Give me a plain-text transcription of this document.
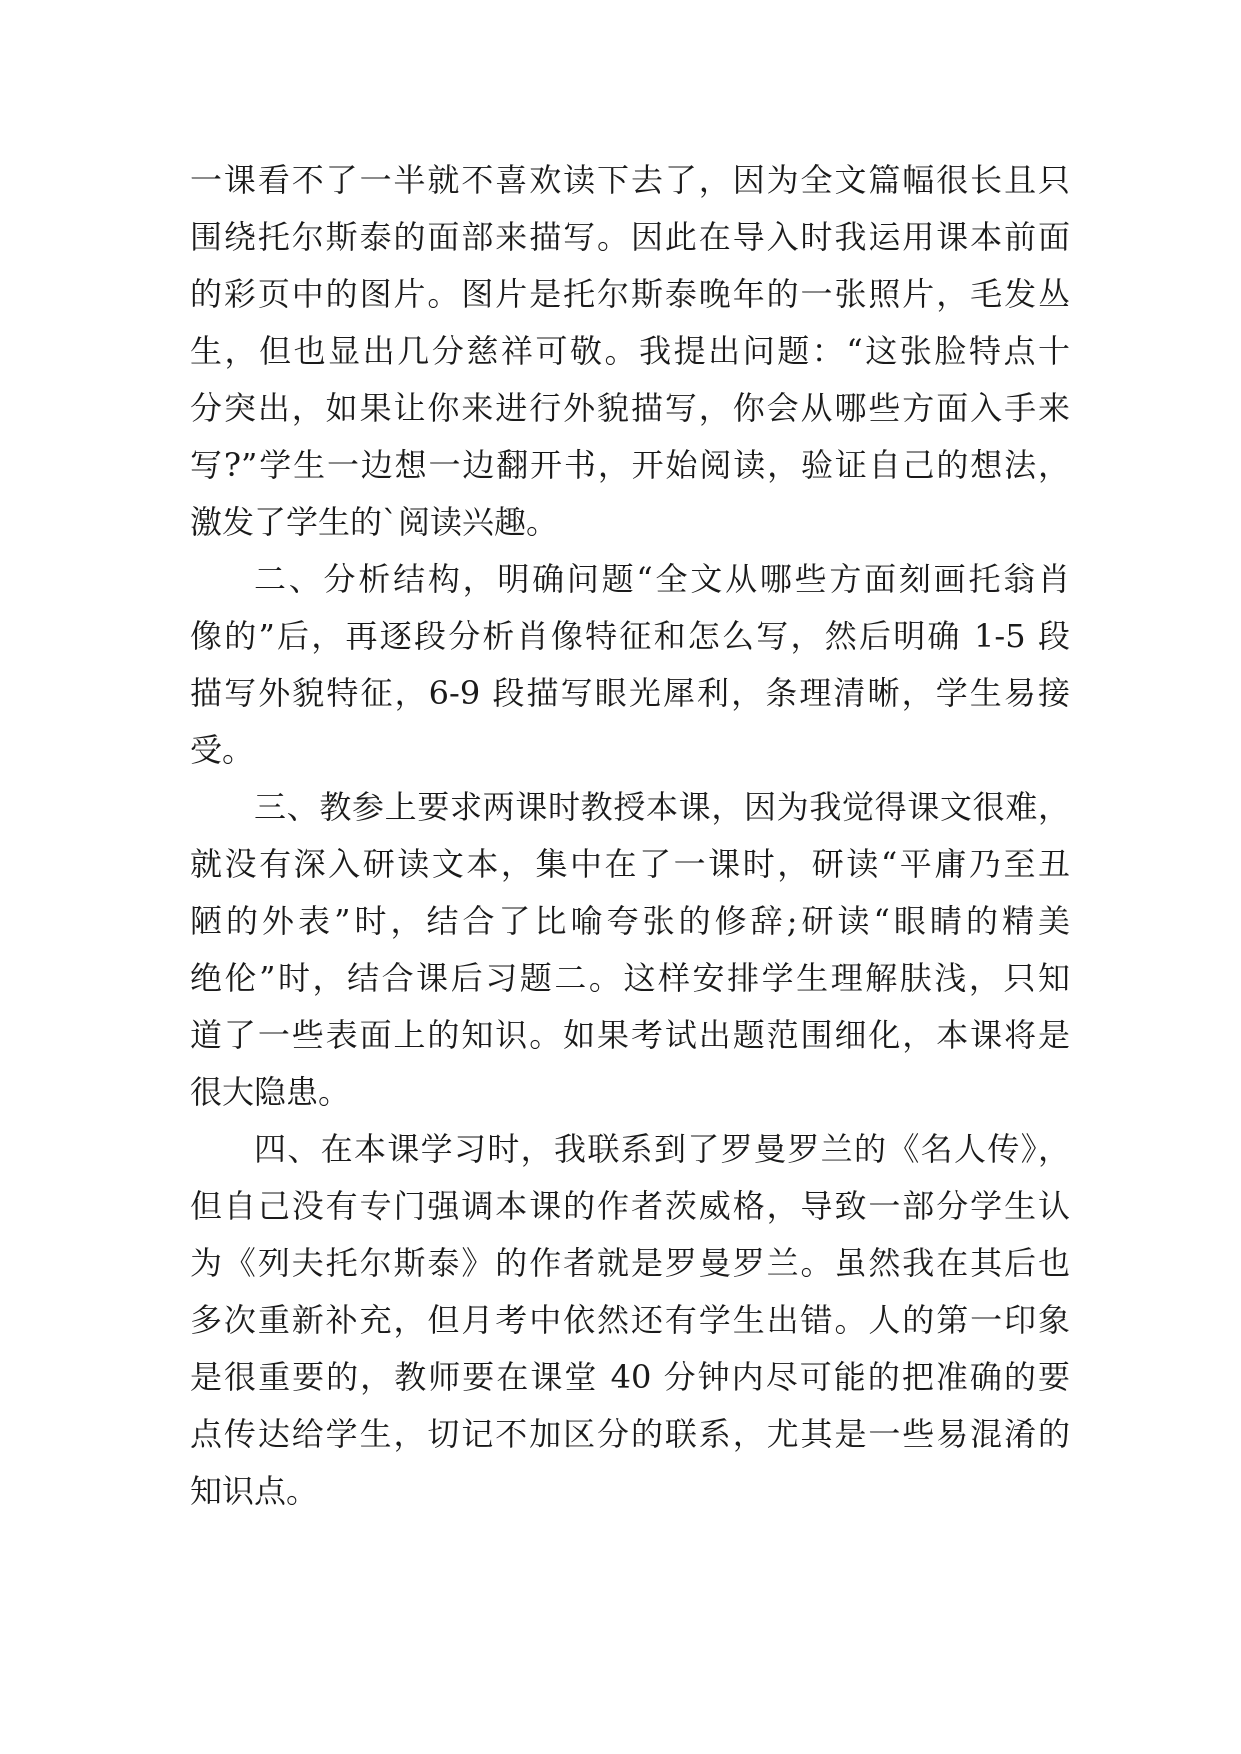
一课看不了一半就不喜欢读下去了，因为全文篇幅很长且只

围绕托尔斯泰的面部来描写。因此在导入时我运用课本前面

的彩页中的图片。图片是托尔斯泰晚年的一张照片，毛发丛

生，但也显出几分慈祥可敬。我提出问题：“这张脸特点十

分突出，如果让你来进行外貌描写，你会从哪些方面入手来

写?”学生一边想一边翻开书，开始阅读，验证自己的想法，

激发了学生的`阅读兴趣。

二、分析结构，明确问题“全文从哪些方面刻画托翁肖

像的”后，再逐段分析肖像特征和怎么写，然后明确 1-5 段

描写外貌特征，6-9 段描写眼光犀利，条理清晰，学生易接

受。

三、教参上要求两课时教授本课，因为我觉得课文很难，

就没有深入研读文本，集中在了一课时，研读“平庸乃至丑

陋的外表”时，结合了比喻夸张的修辞;研读“眼睛的精美

绝伦”时，结合课后习题二。这样安排学生理解肤浅，只知

道了一些表面上的知识。如果考试出题范围细化，本课将是

很大隐患。

四、在本课学习时，我联系到了罗曼罗兰的《名人传》，

但自己没有专门强调本课的作者茨威格，导致一部分学生认

为《列夫托尔斯泰》的作者就是罗曼罗兰。虽然我在其后也

多次重新补充，但月考中依然还有学生出错。人的第一印象

是很重要的，教师要在课堂 40 分钟内尽可能的把准确的要

点传达给学生，切记不加区分的联系，尤其是一些易混淆的

知识点。
